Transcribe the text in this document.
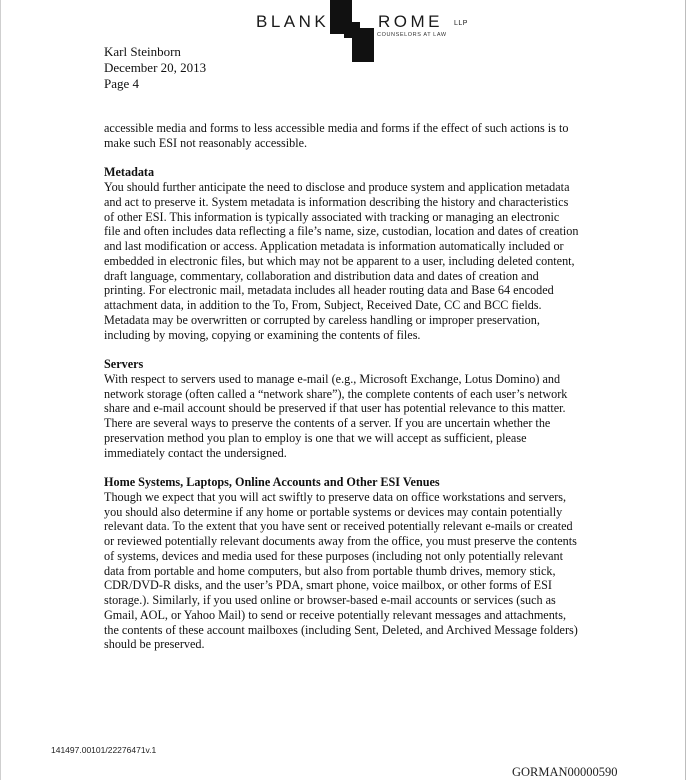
BLANK	ROME LLP
COUNSELORS AT LAW
Karl Steinborn
December 20, 2013
Page 4

accessible media and forms to less accessible media and forms if the effect of such actions is to

make such ESI not reasonably accessible.

Metadata

You should further anticipate the need to disclose and produce system and application metadata

and act to preserve it. System metadata is information describing the history and characteristics

of other ESI. This information is typically associated with tracking or managing an electronic

file and often includes data reflecting a file’s name, size, custodian, location and dates of creation

and last modification or access. Application metadata is information automatically included or

embedded in electronic files, but which may not be apparent to a user, including deleted content,

draft language, commentary, collaboration and distribution data and dates of creation and

printing. For electronic mail, metadata includes all header routing data and Base 64 encoded

attachment data, in addition to the To, From, Subject, Received Date, CC and BCC fields.

Metadata may be overwritten or corrupted by careless handling or improper preservation,

including by moving, copying or examining the contents of files.

Servers

With respect to servers used to manage e-mail (e.g., Microsoft Exchange, Lotus Domino) and

network storage (often called a “network share”), the complete contents of each user’s network

share and e-mail account should be preserved if that user has potential relevance to this matter.

There are several ways to preserve the contents of a server. If you are uncertain whether the

preservation method you plan to employ is one that we will accept as sufficient, please

immediately contact the undersigned.

Home Systems, Laptops, Online Accounts and Other ESI Venues

Though we expect that you will act swiftly to preserve data on office workstations and servers,

you should also determine if any home or portable systems or devices may contain potentially

relevant data. To the extent that you have sent or received potentially relevant e-mails or created

or reviewed potentially relevant documents away from the office, you must preserve the contents

of systems, devices and media used for these purposes (including not only potentially relevant

data from portable and home computers, but also from portable thumb drives, memory stick,

CDR/DVD-R disks, and the user’s PDA, smart phone, voice mailbox, or other forms of ESI

storage.). Similarly, if you used online or browser-based e-mail accounts or services (such as

Gmail, AOL, or Yahoo Mail) to send or receive potentially relevant messages and attachments,

the contents of these account mailboxes (including Sent, Deleted, and Archived Message folders)

should be preserved.

141497.00101/22276471v.1
GORMAN00000590
